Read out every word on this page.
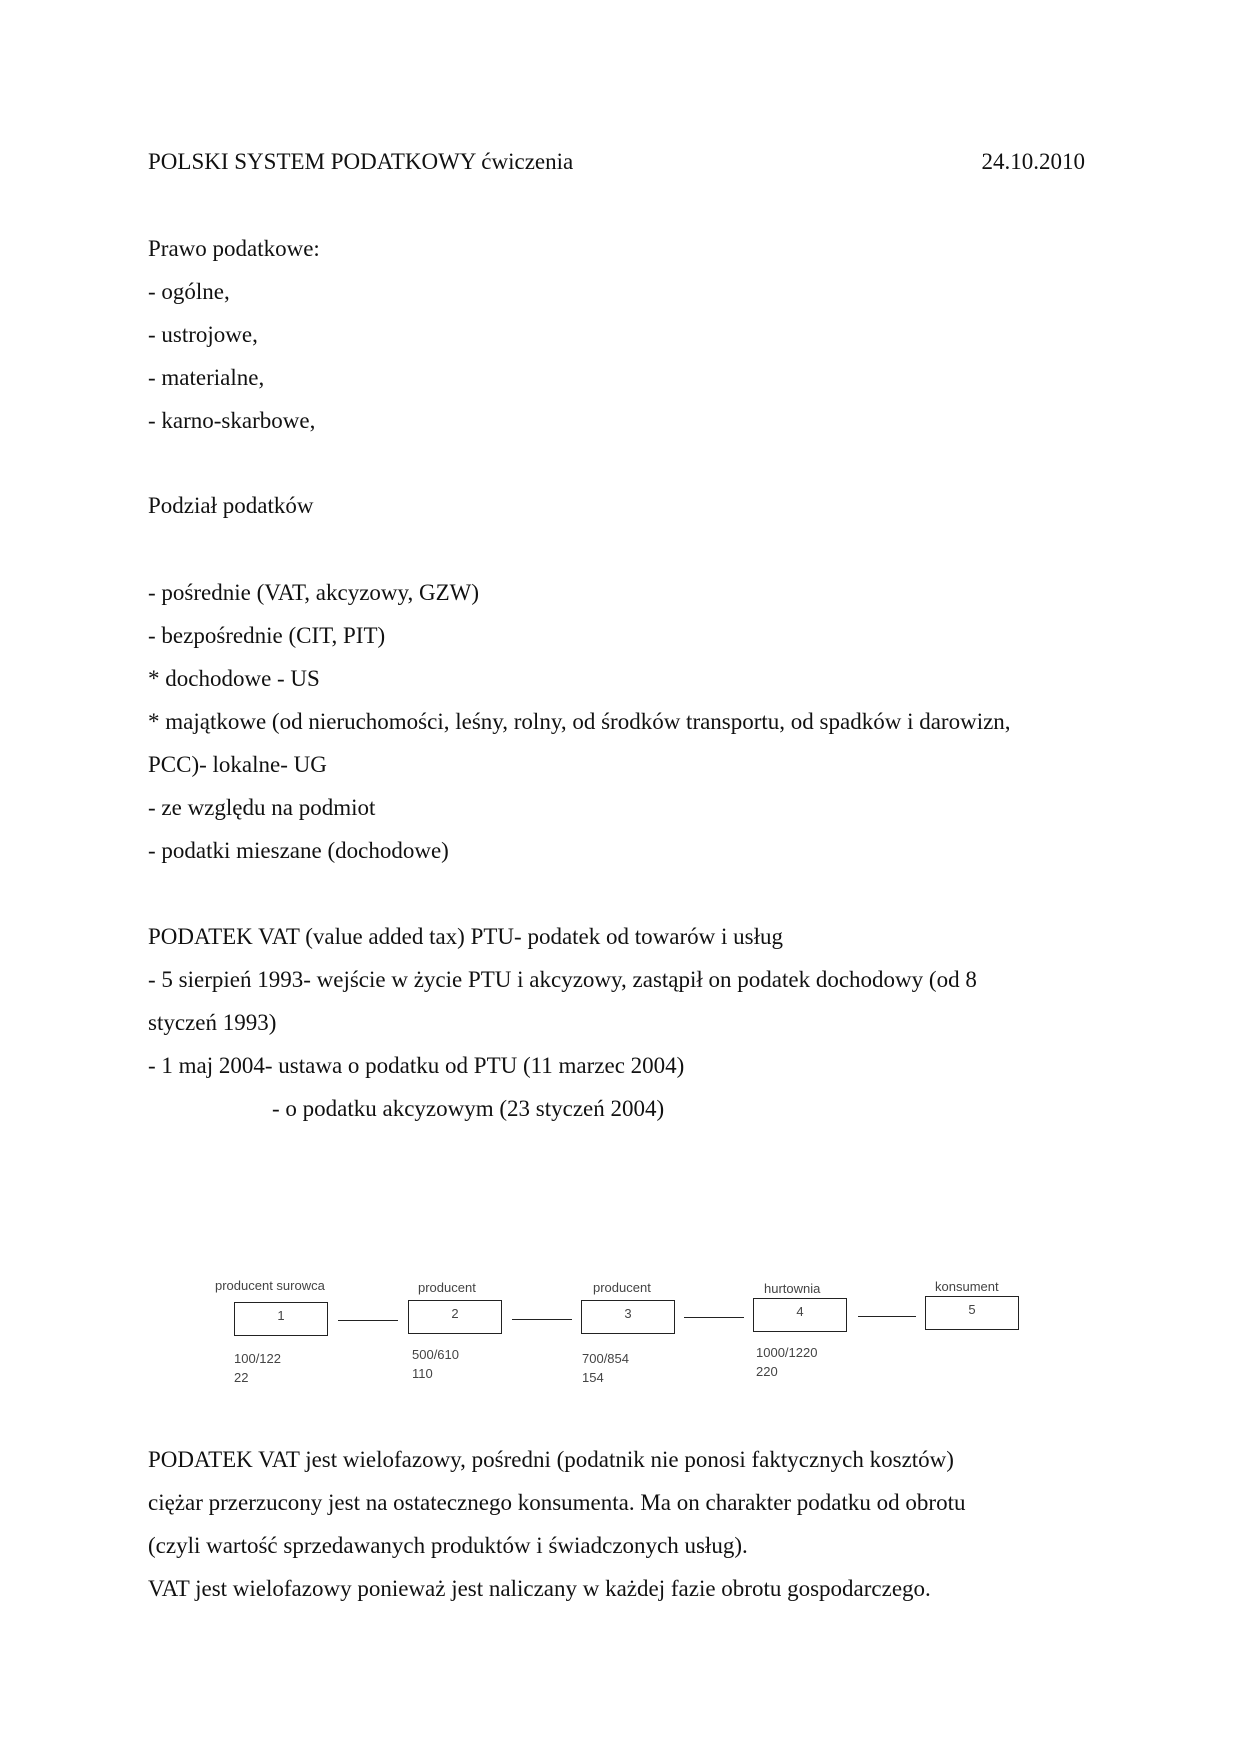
POLSKI SYSTEM PODATKOWY ćwiczenia	24.10.2010
Prawo podatkowe:
- ogólne,
- ustrojowe,
- materialne,
- karno-skarbowe,
Podział podatków
- pośrednie (VAT, akcyzowy, GZW)
- bezpośrednie (CIT, PIT)
* dochodowe - US
* majątkowe (od nieruchomości, leśny, rolny, od środków transportu, od spadków i darowizn,
PCC)- lokalne- UG
- ze względu na podmiot
- podatki mieszane (dochodowe)
PODATEK VAT (value added tax) PTU- podatek od towarów i usług
- 5 sierpień 1993- wejście w życie PTU i akcyzowy, zastąpił on podatek dochodowy (od 8
styczeń 1993)
- 1 maj 2004- ustawa o podatku od PTU (11 marzec 2004)
- o podatku akcyzowym (23 styczeń 2004)
producent surowca
1
100/122
22
producent
2
500/610
110
producent
3
700/854
154
hurtownia
4
1000/1220
220
konsument
5
PODATEK VAT jest wielofazowy, pośredni (podatnik nie ponosi faktycznych kosztów)
ciężar przerzucony jest na ostatecznego konsumenta. Ma on charakter podatku od obrotu
(czyli wartość sprzedawanych produktów i świadczonych usług).
VAT jest wielofazowy ponieważ jest naliczany w każdej fazie obrotu gospodarczego.
